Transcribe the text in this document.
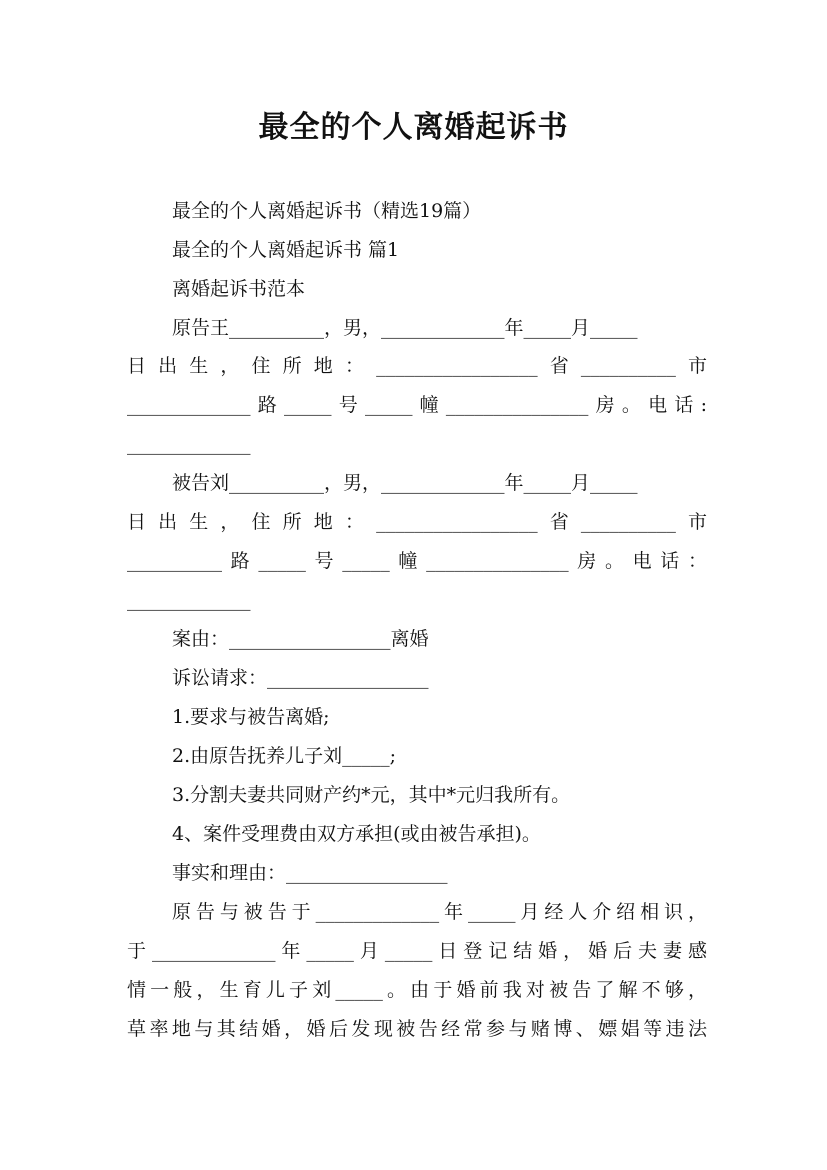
最全的个人离婚起诉书
最全的个人离婚起诉书（精选19篇）
最全的个人离婚起诉书 篇1
离婚起诉书范本
原告王__________，男，_____________年_____月_____
日出生，住所地：_________________省__________市
_____________路_____号_____幢_______________房。电话:
_____________
被告刘__________，男，_____________年_____月_____
日出生，住所地：_________________省__________市
__________路_____号_____幢_______________房。电话：
_____________
案由：_________________离婚
诉讼请求：_________________
1.要求与被告离婚;
2.由原告抚养儿子刘_____;
3.分割夫妻共同财产约*元，其中*元归我所有。
4、案件受理费由双方承担(或由被告承担)。
事实和理由：_________________
原告与被告于_____________年_____月经人介绍相识，
于_____________年_____月_____日登记结婚，婚后夫妻感
情一般，生育儿子刘_____。由于婚前我对被告了解不够，
草率地与其结婚，婚后发现被告经常参与赌博、嫖娼等违法
